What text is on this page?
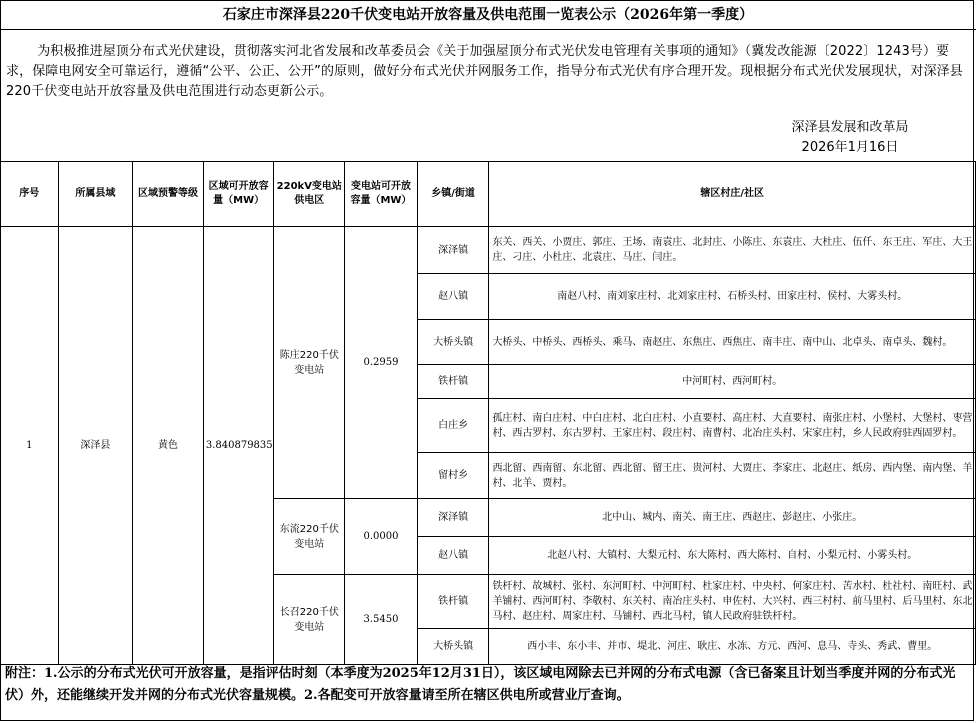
石家庄市深泽县220千伏变电站开放容量及供电范围一览表公示（2026年第一季度）
为积极推进屋顶分布式光伏建设，贯彻落实河北省发展和改革委员会《关于加强屋顶分布式光伏发电管理有关事项的通知》（冀发改能源〔2022〕1243号）要求，保障电网安全可靠运行，遵循“公平、公正、公开”的原则，做好分布式光伏并网服务工作，指导分布式光伏有序合理开发。现根据分布式光伏发展现状，对深泽县220千伏变电站开放容量及供电范围进行动态更新公示。
深泽县发展和改革局
2026年1月16日
序号	所属县域	区域预警等级	区域可开放容量（MW）	220kV变电站供电区	变电站可开放容量（MW）	乡镇/街道	辖区村庄/社区
1	深泽县	黄色	3.840879835	陈庄220千伏变电站	0.2959	深泽镇	东关、西关、小贾庄、郭庄、王场、南袁庄、北封庄、小陈庄、东袁庄、大杜庄、伍仟、东王庄、军庄、大王庄、刁庄、小杜庄、北袁庄、马庄、闫庄。
						赵八镇	南赵八村、南刘家庄村、北刘家庄村、石桥头村、田家庄村、侯村、大雾头村。
						大桥头镇	大桥头、中桥头、西桥头、乘马、南赵庄、东焦庄、西焦庄、南丰庄、南中山、北卓头、南卓头、魏村。
						铁杆镇	中河町村、西河町村。
						白庄乡	孤庄村、南白庄村、中白庄村、北白庄村、小直要村、高庄村、大直要村、南张庄村、小堡村、大堡村、枣营村、西古罗村、东古罗村、王家庄村、段庄村、南曹村、北冶庄头村、宋家庄村，乡人民政府驻西固罗村。
						留村乡	西北留、西南留、东北留、西北留、留王庄、贵河村、大贾庄、李家庄、北赵庄、纸房、西内堡、南内堡、羊村、北羊、贾村。
				东流220千伏变电站	0.0000	深泽镇	北中山、城内、南关、南王庄、西赵庄、彭赵庄、小张庄。
						赵八镇	北赵八村、大镇村、大梨元村、东大陈村、西大陈村、自村、小梨元村、小雾头村。
				长召220千伏变电站	3.5450	铁杆镇	铁杆村、故城村、张村、东河町村、中河町村、杜家庄村、中央村、何家庄村、苦水村、杜社村、南旺村、武羊铺村、西河町村、李敬村、东关村、南冶庄头村、申佐村、大兴村、西三村村、前马里村、后马里村、东北马村、赵庄村、周家庄村、马铺村、西北马村，镇人民政府驻铁杆村。
						大桥头镇	西小丰、东小丰、并市、堤北、河庄、耿庄、水冻、方元、西河、息马、寺头、秀武、曹里。
附注：1.公示的分布式光伏可开放容量，是指评估时刻（本季度为2025年12月31日），该区域电网除去已并网的分布式电源（含已备案且计划当季度并网的分布式光伏）外，还能继续开发并网的分布式光伏容量规模。2.各配变可开放容量请至所在辖区供电所或营业厅查询。
